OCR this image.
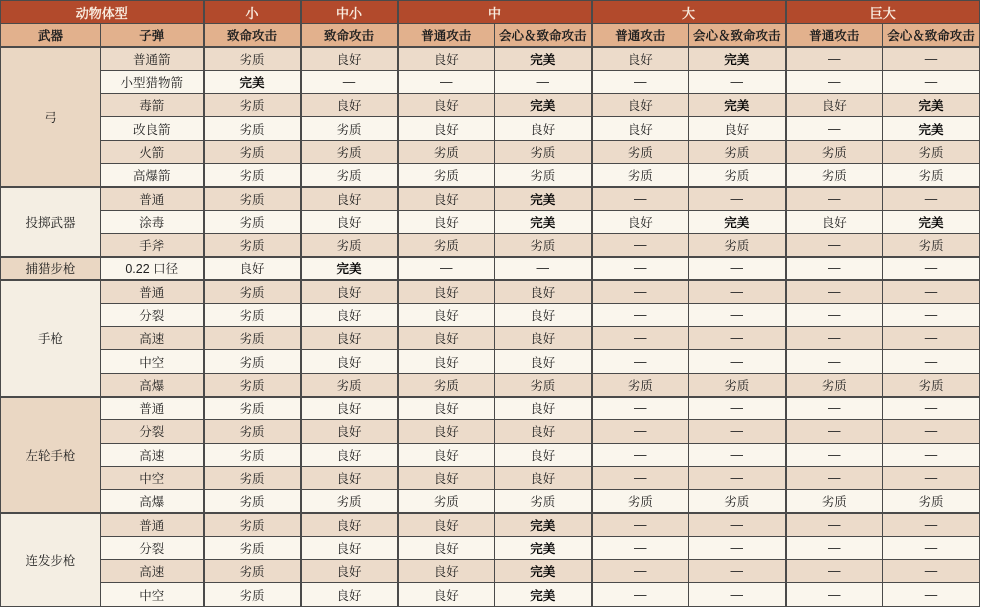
动物体型		小	中小	中		大		巨大	
武器	子弹	致命攻击	致命攻击	普通攻击	会心＆致命攻击	普通攻击	会心＆致命攻击	普通攻击	会心＆致命攻击
弓	普通箭	劣质	良好	良好	完美	良好	完美	—	—
	小型猎物箭	完美	—	—	—	—	—	—	—
	毒箭	劣质	良好	良好	完美	良好	完美	良好	完美
	改良箭	劣质	劣质	良好	良好	良好	良好	—	完美
	火箭	劣质	劣质	劣质	劣质	劣质	劣质	劣质	劣质
	高爆箭	劣质	劣质	劣质	劣质	劣质	劣质	劣质	劣质
投掷武器	普通	劣质	良好	良好	完美	—	—	—	—
	涂毒	劣质	良好	良好	完美	良好	完美	良好	完美
	手斧	劣质	劣质	劣质	劣质	—	劣质	—	劣质
捕猎步枪	0.22 口径	良好	完美	—	—	—	—	—	—
手枪	普通	劣质	良好	良好	良好	—	—	—	—
	分裂	劣质	良好	良好	良好	—	—	—	—
	高速	劣质	良好	良好	良好	—	—	—	—
	中空	劣质	良好	良好	良好	—	—	—	—
	高爆	劣质	劣质	劣质	劣质	劣质	劣质	劣质	劣质
左轮手枪	普通	劣质	良好	良好	良好	—	—	—	—
	分裂	劣质	良好	良好	良好	—	—	—	—
	高速	劣质	良好	良好	良好	—	—	—	—
	中空	劣质	良好	良好	良好	—	—	—	—
	高爆	劣质	劣质	劣质	劣质	劣质	劣质	劣质	劣质
连发步枪	普通	劣质	良好	良好	完美	—	—	—	—
	分裂	劣质	良好	良好	完美	—	—	—	—
	高速	劣质	良好	良好	完美	—	—	—	—
	中空	劣质	良好	良好	完美	—	—	—	—
